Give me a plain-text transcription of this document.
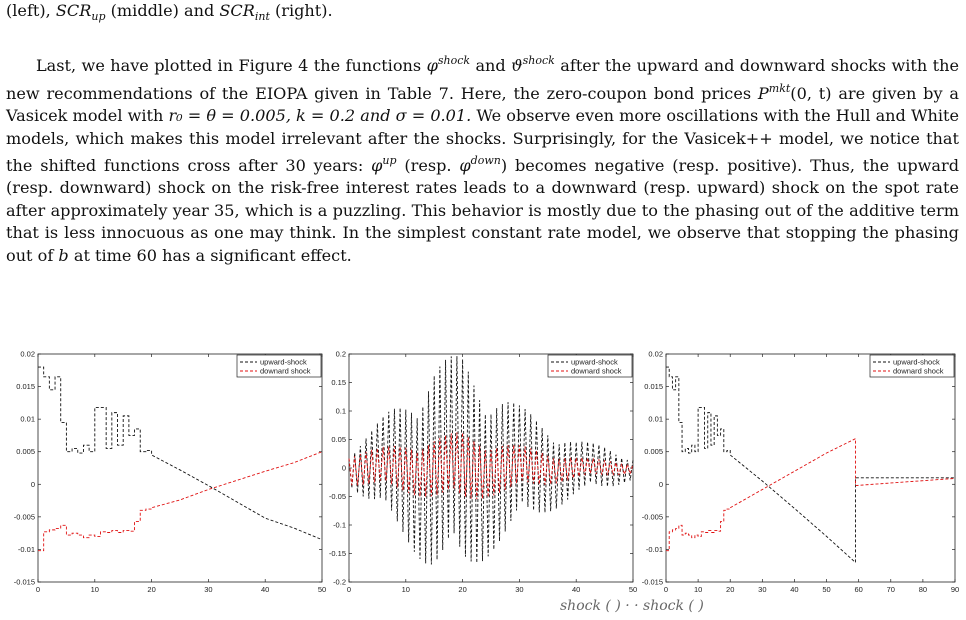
(left), $SCR_{up}$ (middle) and $SCR_{int}$ (right).

Last, we have plotted in Figure 4 the functions $\varphi^{shock}$ and $ϑ^{shock}$ after the upward and downward shocks with the new recommendations of the EIOPA given in Table 7. Here, the zero-coupon bond prices $P^{mkt}(0$, t) are given by a Vasicek model with r₀ = θ = 0.005, k = 0.2 and σ = 0.01. We observe even more oscillations with the Hull and White models, which makes this model irrelevant after the shocks. Surprisingly, for the Vasicek++ model, we notice that the shifted functions cross after 30 years: $\varphi^{up}$ (resp. $\varphi^{down}$) becomes negative (resp. positive). Thus, the upward (resp. downward) shock on the risk-free interest rates leads to a downward (resp. upward) shock on the spot rate after approximately year 35, which is a puzzling. This behavior is mostly due to the phasing out of the additive term that is less innocuous as one may think. In the simplest constant rate model, we observe that stopping the phasing out of b at time 60 has a significant effect.

0	10	20	30	40	50
-0.015
-0.01
-0.005
0
0.005
0.01
0.015
0.02
upward-shock
downard shock
0	10	20	30	40	50
-0.2
-0.15
-0.1
-0.05
0
0.05
0.1
0.15
0.2
upward-shock
downard shock
0	10	20	30	40	50	60	70	80	90
-0.015
-0.01
-0.005
0
0.005
0.01
0.015
0.02
upward-shock
downard shock
shock ( ) · · shock ( )
